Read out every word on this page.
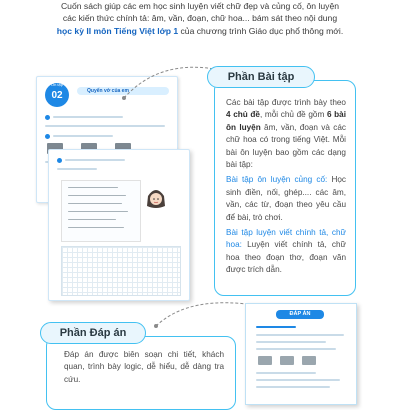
Cuốn sách giúp các em học sinh luyện viết chữ đẹp và củng cố, ôn luyện

các kiến thức chính tả: âm, vần, đoạn, chữ hoa... bám sát theo nội dung

học kỳ II môn Tiếng Việt lớp 1 của chương trình Giáo dục phổ thông mới.

Ôn tập
02	Quyển vở của em
Phần Bài tập

Các bài tập được trình bày theo 4 chủ đề, mỗi chủ đề gồm 6 bài ôn luyện âm, vần, đoạn và các chữ hoa có trong tiếng Việt. Mỗi bài ôn luyện bao gồm các dạng bài tập:

Bài tập ôn luyện củng cố: Học sinh điền, nối, ghép.... các âm, vần, các từ, đoạn theo yêu cầu để bài, trò chơi.

Bài tập luyện viết chính tả, chữ hoa: Luyện viết chính tả, chữ hoa theo đoạn thơ, đoạn văn được trích dẫn.

Phần Đáp án
Đáp án được biên soạn chi tiết, khách quan, trình bày logic, dễ hiểu, dễ dàng tra cứu.
ĐÁP ÁN
